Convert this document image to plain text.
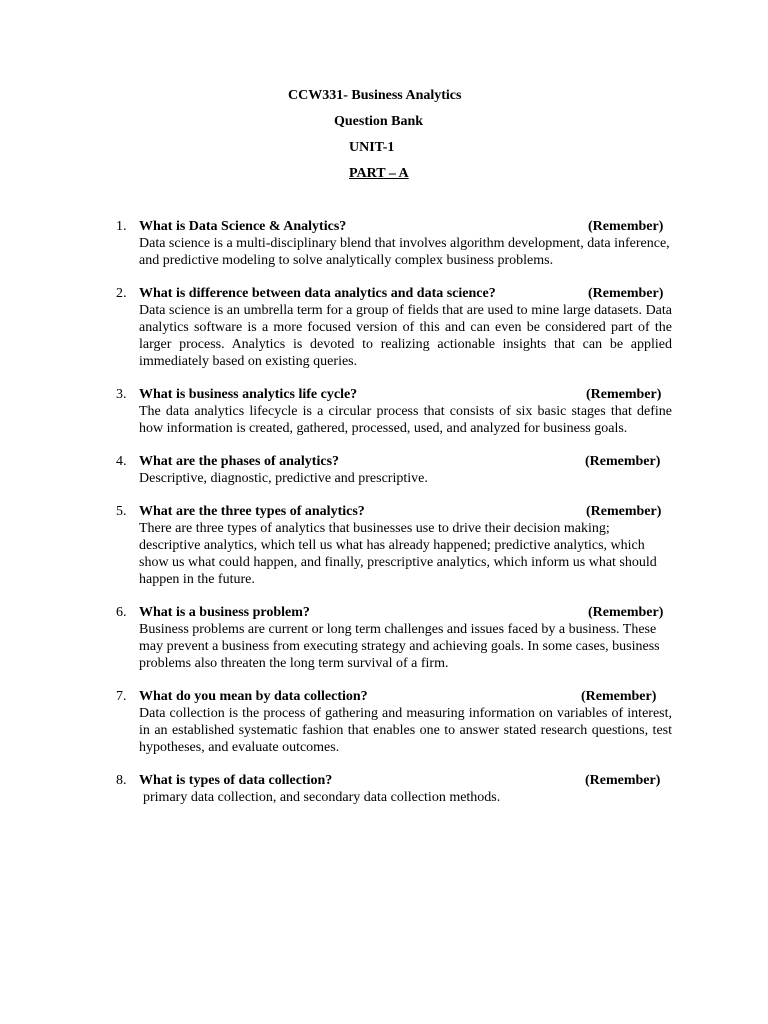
CCW331- Business Analytics
Question Bank
UNIT-1
PART – A
1. What is Data Science & Analytics?	(Remember)
Data science is a multi-disciplinary blend that involves algorithm development, data inference, and predictive modeling to solve analytically complex business problems.
2. What is difference between data analytics and data science?	(Remember)
Data science is an umbrella term for a group of fields that are used to mine large datasets. Data analytics software is a more focused version of this and can even be considered part of the larger process. Analytics is devoted to realizing actionable insights that can be applied immediately based on existing queries.
3. What is business analytics life cycle?	(Remember)
The data analytics lifecycle is a circular process that consists of six basic stages that define how information is created, gathered, processed, used, and analyzed for business goals.
4. What are the phases of analytics?	(Remember)
Descriptive, diagnostic, predictive and prescriptive.
5. What are the three types of analytics?	(Remember)
There are three types of analytics that businesses use to drive their decision making; descriptive analytics, which tell us what has already happened; predictive analytics, which show us what could happen, and finally, prescriptive analytics, which inform us what should happen in the future.
6. What is a business problem?	(Remember)
Business problems are current or long term challenges and issues faced by a business. These may prevent a business from executing strategy and achieving goals. In some cases, business problems also threaten the long term survival of a firm.
7. What do you mean by data collection?	(Remember)
Data collection is the process of gathering and measuring information on variables of interest, in an established systematic fashion that enables one to answer stated research questions, test hypotheses, and evaluate outcomes.
8. What is types of data collection?	(Remember)
primary data collection, and secondary data collection methods.
